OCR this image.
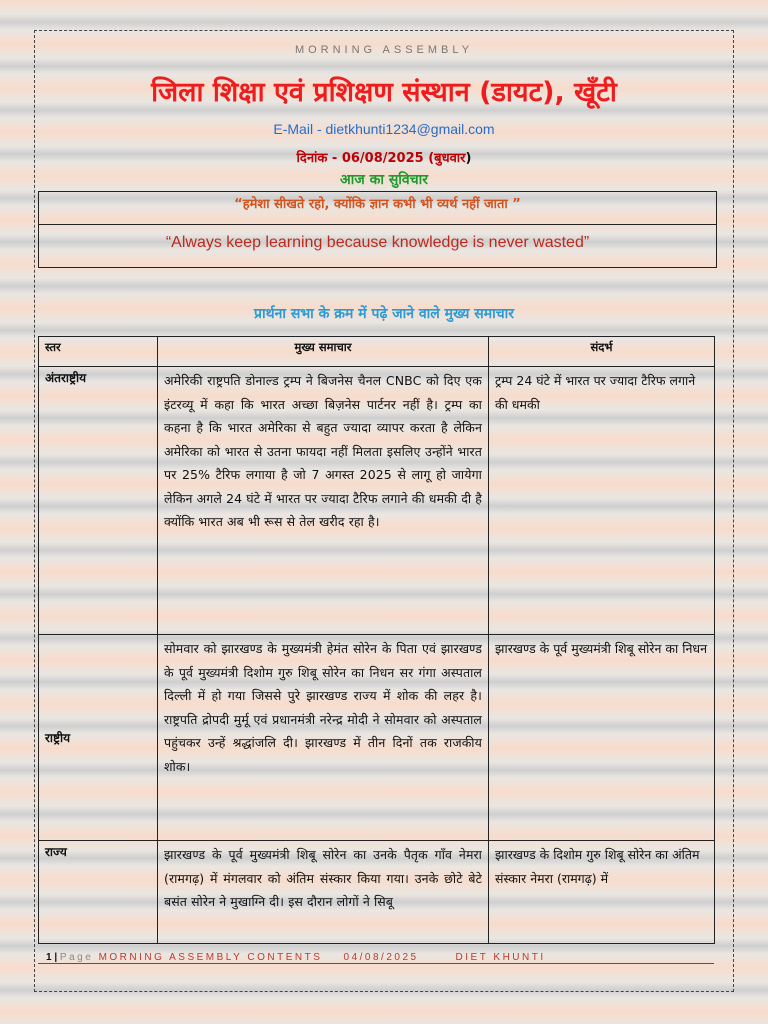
MORNING ASSEMBLY
जिला शिक्षा एवं प्रशिक्षण संस्थान (डायट), खूँटी
E-Mail - dietkhunti1234@gmail.com
दिनांक - 06/08/2025 (बुधवार)
आज का सुविचार
“हमेशा सीखते रहो, क्योंकि ज्ञान कभी भी व्यर्थ नहीं जाता ”
“Always keep learning because knowledge is never wasted”
प्रार्थना सभा के क्रम में पढ़े जाने वाले मुख्य समाचार
स्तर	मुख्य समाचार	संदर्भ
अंतराष्ट्रीय	अमेरिकी राष्ट्रपति डोनाल्ड ट्रम्प ने बिजनेस चैनल CNBC को दिए एक इंटरव्यू में कहा कि भारत अच्छा बिज़नेस पार्टनर नहीं है। ट्रम्प का कहना है कि भारत अमेरिका से बहुत ज्यादा व्यापर करता है लेकिन अमेरिका को भारत से उतना फायदा नहीं मिलता इसलिए उन्होंने भारत पर 25% टैरिफ लगाया है जो 7 अगस्त 2025 से लागू हो जायेगा लेकिन अगले 24 घंटे में भारत पर ज्यादा टैरिफ लगाने की धमकी दी है क्योंकि भारत अब भी रूस से तेल खरीद रहा है।	ट्रम्प 24 घंटे में भारत पर ज्यादा टैरिफ लगाने की धमकी
राष्ट्रीय	सोमवार को झारखण्ड के मुख्यमंत्री हेमंत सोरेन के पिता एवं झारखण्ड के पूर्व मुख्यमंत्री दिशोम गुरु शिबू सोरेन का निधन सर गंगा अस्पताल दिल्ली में हो गया जिससे पुरे झारखण्ड राज्य में शोक की लहर है। राष्ट्रपति द्रोपदी मुर्मू एवं प्रधानमंत्री नरेन्द्र मोदी ने सोमवार को अस्पताल पहुंचकर उन्हें श्रद्धांजलि दी। झारखण्ड में तीन दिनों तक राजकीय शोक।	झारखण्ड के पूर्व मुख्यमंत्री शिबू सोरेन का निधन
राज्य	झारखण्ड के पूर्व मुख्यमंत्री शिबू सोरेन का उनके पैतृक गाँव नेमरा (रामगढ़) में मंगलवार को अंतिम संस्कार किया गया। उनके छोटे बेटे बसंत सोरेन ने मुखाग्नि दी। इस दौरान लोगों ने सिबू	झारखण्ड के दिशोम गुरु शिबू सोरेन का अंतिम संस्कार नेमरा (रामगढ़) में
1 | Page MORNING ASSEMBLY CONTENTS 04/08/2025	DIET KHUNTI
